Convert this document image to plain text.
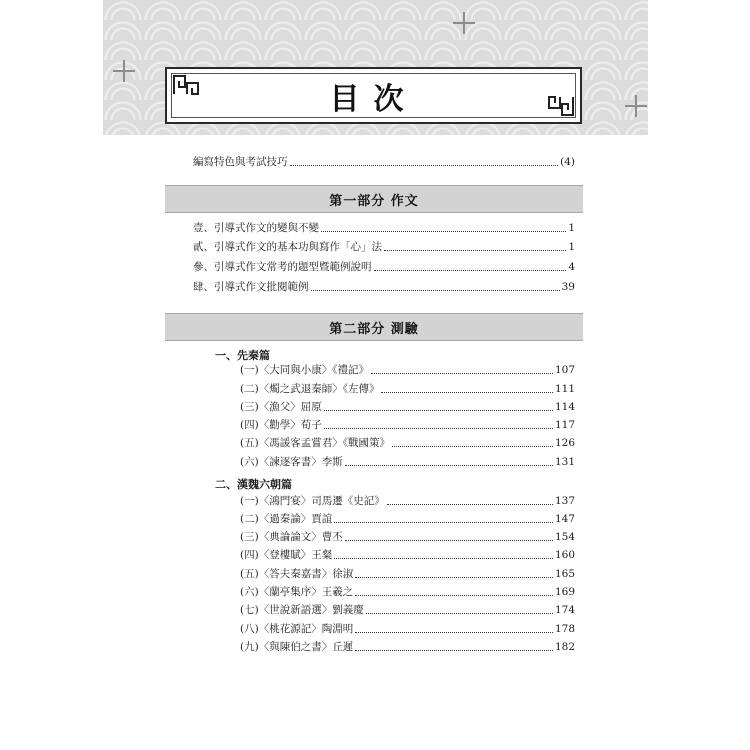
目次
編寫特色與考試技巧	(4)
第一部分 作文
壹、引導式作文的變與不變	1
貳、引導式作文的基本功與寫作「心」法	1
參、引導式作文常考的題型暨範例說明	4
肆、引導式作文批閱範例	39
第二部分 測驗
一、先秦篇
(一)〈大同與小康〉《禮記》	107
(二)〈燭之武退秦師〉《左傳》	111
(三)〈漁父〉屈原	114
(四)〈勸學〉荀子	117
(五)〈馮諼客孟嘗君〉《戰國策》	126
(六)〈諫逐客書〉李斯	131
二、漢魏六朝篇
(一)〈鴻門宴〉司馬遷《史記》	137
(二)〈過秦論〉賈誼	147
(三)〈典論論文〉曹丕	154
(四)〈登樓賦〉王粲	160
(五)〈答夫秦嘉書〉徐淑	165
(六)〈蘭亭集序〉王羲之	169
(七)〈世說新語選〉劉義慶	174
(八)〈桃花源記〉陶淵明	178
(九)〈與陳伯之書〉丘遲	182
